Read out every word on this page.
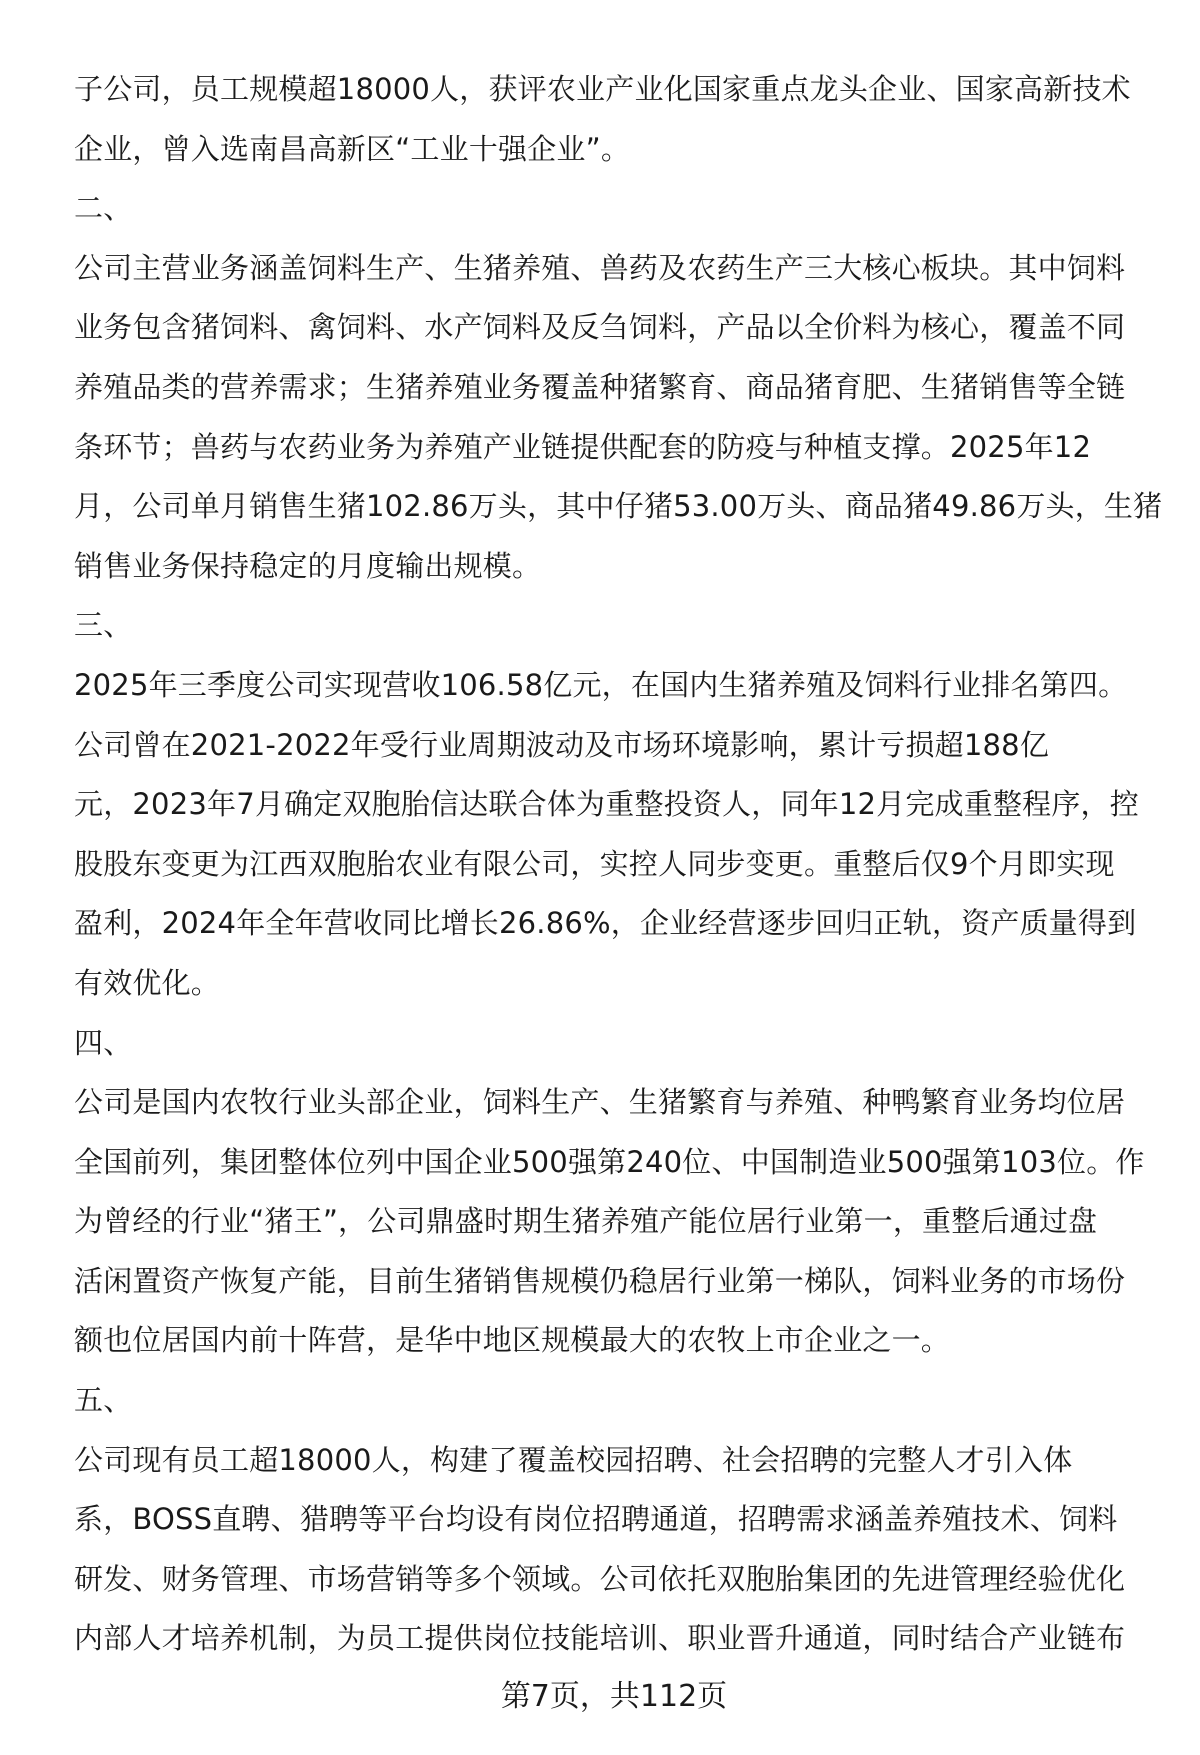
子公司，员工规模超18000人，获评农业产业化国家重点龙头企业、国家高新技术
企业，曾入选南昌高新区“工业十强企业”。
二、
公司主营业务涵盖饲料生产、生猪养殖、兽药及农药生产三大核心板块。其中饲料
业务包含猪饲料、禽饲料、水产饲料及反刍饲料，产品以全价料为核心，覆盖不同
养殖品类的营养需求；生猪养殖业务覆盖种猪繁育、商品猪育肥、生猪销售等全链
条环节；兽药与农药业务为养殖产业链提供配套的防疫与种植支撑。2025年12
月，公司单月销售生猪102.86万头，其中仔猪53.00万头、商品猪49.86万头，生猪
销售业务保持稳定的月度输出规模。
三、
2025年三季度公司实现营收106.58亿元，在国内生猪养殖及饲料行业排名第四。
公司曾在2021-2022年受行业周期波动及市场环境影响，累计亏损超188亿
元，2023年7月确定双胞胎信达联合体为重整投资人，同年12月完成重整程序，控
股股东变更为江西双胞胎农业有限公司，实控人同步变更。重整后仅9个月即实现
盈利，2024年全年营收同比增长26.86%，企业经营逐步回归正轨，资产质量得到
有效优化。
四、
公司是国内农牧行业头部企业，饲料生产、生猪繁育与养殖、种鸭繁育业务均位居
全国前列，集团整体位列中国企业500强第240位、中国制造业500强第103位。作
为曾经的行业“猪王”，公司鼎盛时期生猪养殖产能位居行业第一，重整后通过盘
活闲置资产恢复产能，目前生猪销售规模仍稳居行业第一梯队，饲料业务的市场份
额也位居国内前十阵营，是华中地区规模最大的农牧上市企业之一。
五、
公司现有员工超18000人，构建了覆盖校园招聘、社会招聘的完整人才引入体
系，BOSS直聘、猎聘等平台均设有岗位招聘通道，招聘需求涵盖养殖技术、饲料
研发、财务管理、市场营销等多个领域。公司依托双胞胎集团的先进管理经验优化
内部人才培养机制，为员工提供岗位技能培训、职业晋升通道，同时结合产业链布
第7页，共112页
